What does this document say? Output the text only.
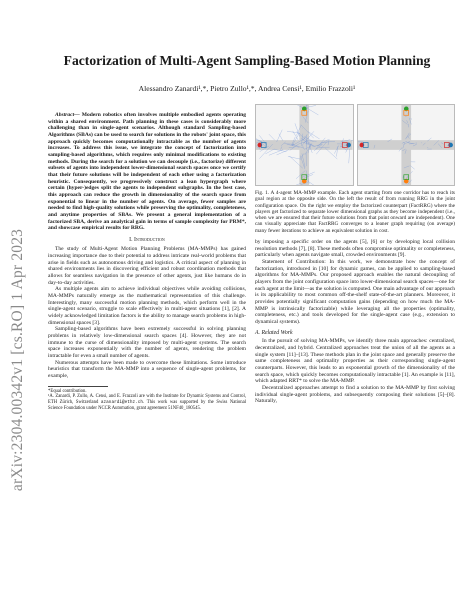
arXiv:2304.00342v1 [cs.RO] 1 Apr 2023
Factorization of Multi-Agent Sampling-Based Motion Planning
Alessandro Zanardi¹,*, Pietro Zullo¹,*, Andrea Censi¹, Emilio Frazzoli¹

Abstract— Modern robotics often involves multiple embodied agents operating within a shared environment. Path planning in these cases is considerably more challenging than in single-agent scenarios. Although standard Sampling-based Algorithms (SBAs) can be used to search for solutions in the robots' joint space, this approach quickly becomes computationally intractable as the number of agents increases. To address this issue, we integrate the concept of factorization into sampling-based algorithms, which requires only minimal modifications to existing methods. During the search for a solution we can decouple (i.e., factorize) different subsets of agents into independent lower-dimensional search spaces once we certify that their future solutions will be independent of each other using a factorization heuristic. Consequently, we progressively construct a lean hypergraph where certain (hyper-)edges split the agents to independent subgraphs. In the best case, this approach can reduce the growth in dimensionality of the search space from exponential to linear in the number of agents. On average, fewer samples are needed to find high-quality solutions while preserving the optimality, completeness, and anytime properties of SBAs. We present a general implementation of a factorized SBA, derive an analytical gain in terms of sample complexity for PRM*, and showcase empirical results for RRG.

I. Introduction

The study of Multi-Agent Motion Planning Problems (MA-MMPs) has gained increasing importance due to their potential to address intricate real-world problems that arise in fields such as autonomous driving and logistics. A critical aspect of planning in shared environments lies in discovering efficient and robust coordination methods that allows for seamless navigation in the presence of other agents, just like humans do in day-to-day activities.

As multiple agents aim to achieve individual objectives while avoiding collisions, MA-MMPs naturally emerge as the mathematical representation of this challenge. Interestingly, many successful motion planning methods, which perform well in the single-agent scenario, struggle to scale effectively in multi-agent situations [1], [2]. A widely acknowledged limitation factors is the ability to manage search problems in high-dimensional spaces [3].

Sampling-based algorithms have been extremely successful in solving planning problems in relatively low-dimensional search spaces [4]. However, they are not immune to the curse of dimensionality imposed by multi-agent systems. The search space increases exponentially with the number of agents, rendering the problem intractable for even a small number of agents.

Numerous attempts have been made to overcome these limitations. Some introduce heuristics that transform the MA-MMP into a sequence of single-agent problems, for example,

*Equal contribution.

¹A. Zanardi, P. Zullo, A. Censi, and E. Frazzoli are with the Institute for Dynamic Systems and Control, ETH Zürich, Switzerland azanardi@ethz.ch. This work was supported by the Swiss National Science Foundation under NCCR Automation, grant agreement 51NF40_180545.

Fig. 1. A 4-agent MA-MMP example. Each agent starting from one corridor has to reach its goal region at the opposite side. On the left the result of from running RRG in the joint configuration space. On the right we employ the factorized counterpart (FactRRG) where the players get factorized to separate lower dimensional graphs as they become independent (i.e., when we are ensured that their future solutions from that point onward are independent). One can visually appreciate that FactRRG converges to a leaner graph requiring (on average) many fewer iterations to achieve an equivalent solution in cost.

by imposing a specific order on the agents [5], [6] or by developing local collision resolution methods [7], [8]. These methods often compromise optimality or completeness, particularly when agents navigate small, crowded environments [9].

Statement of Contribution: In this work, we demonstrate how the concept of factorization, introduced in [10] for dynamic games, can be applied to sampling-based algorithms for MA-MMPs. Our proposed approach enables the natural decoupling of players from the joint configuration space into lower-dimensional search spaces—one for each agent at the limit—as the solution is computed. One main advantage of our approach is its applicability to most common off-the-shelf state-of-the-art planners. Moreover, it provides potentially significant computation gains (depending on how much the MA-MMP is intrinsically factorizable) while leveraging all the properties (optimality, completeness, etc.) and tools developed for the single-agent case (e.g., extension to dynamical systems).

A. Related Work

In the pursuit of solving MA-MMPs, we identify three main approaches: centralized, decentralized, and hybrid. Centralized approaches treat the union of all the agents as a single system [11]–[13]. These methods plan in the joint space and generally preserve the same completeness and optimality properties as their corresponding single-agent counterparts. However, this leads to an exponential growth of the dimensionality of the search space, which quickly becomes computationally intractable [1]. An example is [11], which adapted RRT* to solve the MA-MMP.

Decentralized approaches attempt to find a solution to the MA-MMP by first solving individual single-agent problems, and subsequently composing their solutions [5]–[8]. Naturally,
